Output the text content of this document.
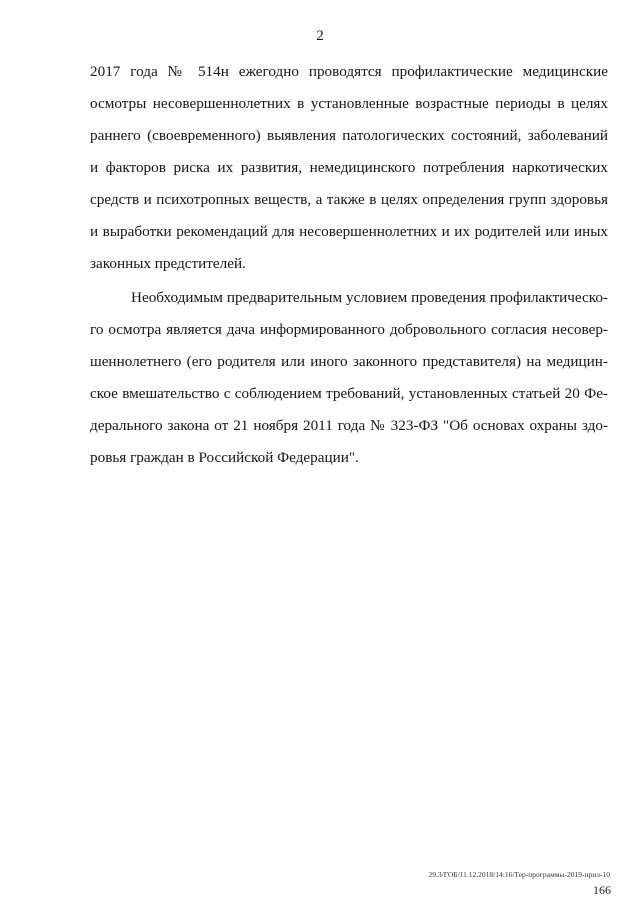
2
2017 года № 514н ежегодно проводятся профилактические медицинские
осмотры несовершеннолетних в установленные возрастные периоды в целях
раннего (своевременного) выявления патологических состояний, заболеваний
и факторов риска их развития, немедицинского потребления наркотических
средств и психотропных веществ, а также в целях определения групп здоровья
и выработки рекомендаций для несовершеннолетних и их родителей или иных
законных предстителей.
Необходимым предварительным условием проведения профилактическо-
го осмотра является дача информированного добровольного согласия несовер-
шеннолетнего (его родителя или иного законного представителя) на медицин-
ское вмешательство с соблюдением требований, установленных статьей 20 Фе-
дерального закона от 21 ноября 2011 года № 323-ФЗ "Об основах охраны здо-
ровья граждан в Российской Федерации".
29.3/ГОБ/11.12.2018/14:16/Тер-программы-2019-прил-10
166
